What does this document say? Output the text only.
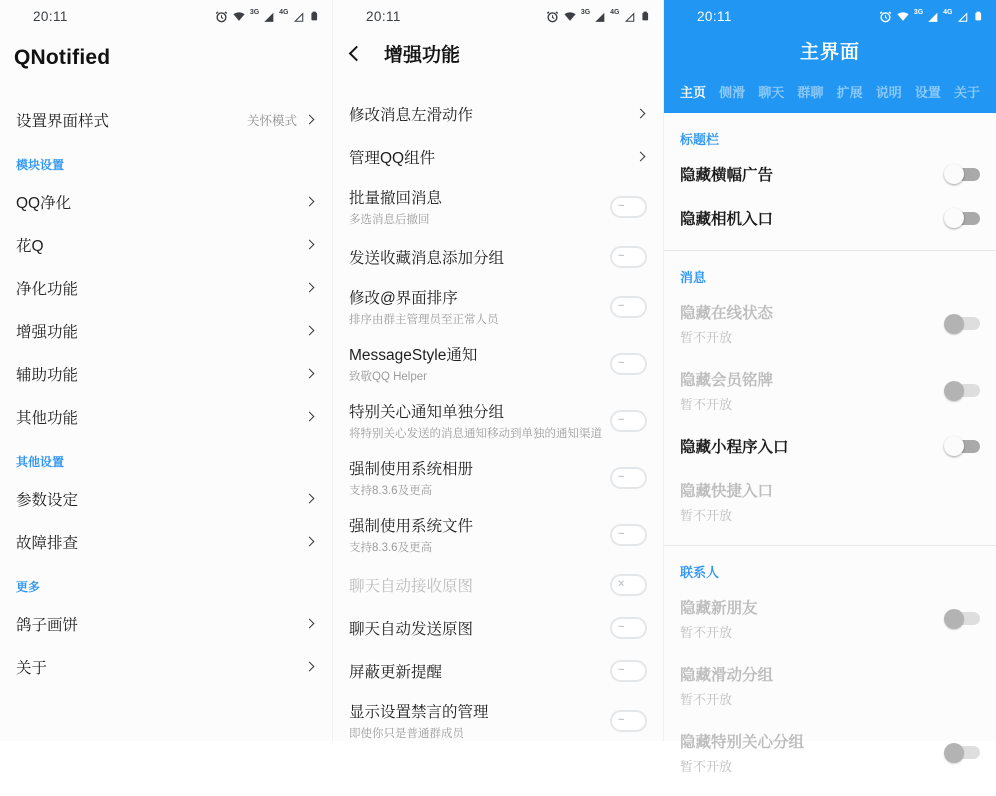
20:11	3G	4G
QNotified
设置界面样式	关怀模式
模块设置
QQ净化
花Q
净化功能
增强功能
辅助功能
其他功能
其他设置
参数设定
故障排查
更多
鸽子画饼
关于
20:11	3G	4G
增强功能
修改消息左滑动作
管理QQ组件
批量撤回消息
多选消息后撤回
−
发送收藏消息添加分组	−
修改@界面排序
排序由群主管理员至正常人员
−
MessageStyle通知
致敬QQ Helper
−
特别关心通知单独分组
将特别关心发送的消息通知移动到单独的通知渠道
−
强制使用系统相册
支持8.3.6及更高
−
强制使用系统文件
支持8.3.6及更高
−
聊天自动接收原图	×
聊天自动发送原图	−
屏蔽更新提醒	−
显示设置禁言的管理
即使你只是普通群成员
−
20:11	3G	4G
主界面
主页 侧滑 聊天 群聊 扩展 说明 设置 关于
标题栏
隐藏横幅广告
隐藏相机入口
消息
隐藏在线状态
暂不开放
隐藏会员铭牌
暂不开放
隐藏小程序入口
隐藏快捷入口
暂不开放
联系人
隐藏新朋友
暂不开放
隐藏滑动分组
暂不开放
隐藏特别关心分组
暂不开放
